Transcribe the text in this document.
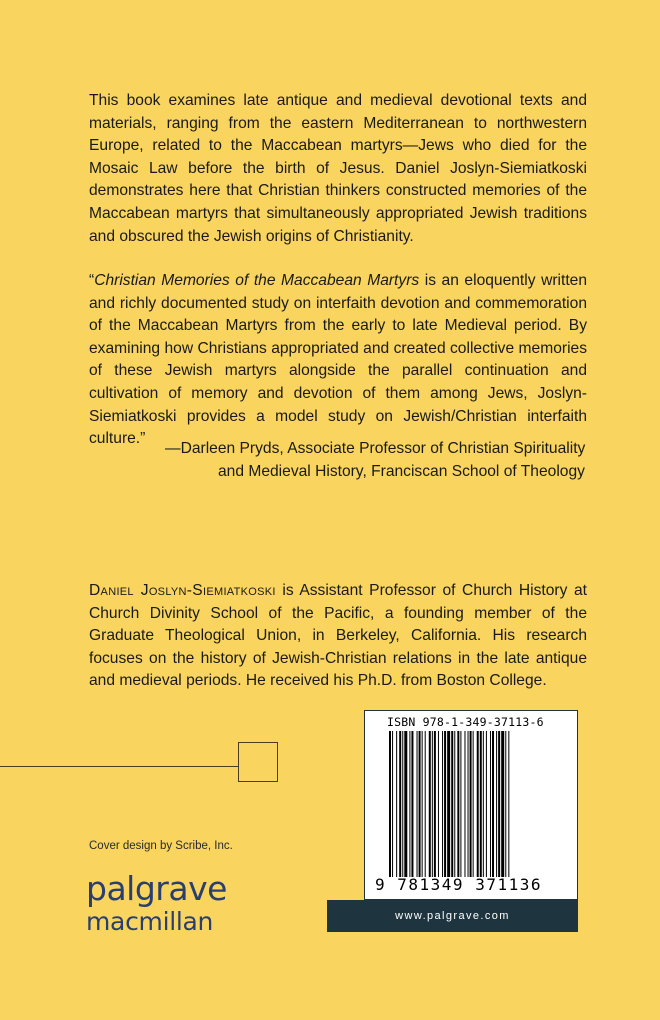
This book examines late antique and medieval devotional texts and materials, ranging from the eastern Mediterranean to northwestern Europe, related to the Maccabean martyrs—Jews who died for the Mosaic Law before the birth of Jesus. Daniel Joslyn-Siemiatkoski demonstrates here that Christian thinkers constructed memories of the Maccabean martyrs that simultaneously appropriated Jewish traditions and obscured the Jewish origins of Christianity.

“Christian Memories of the Maccabean Martyrs is an eloquently written and richly documented study on interfaith devotion and commemoration of the Maccabean Martyrs from the early to late Medieval period. By examining how Christians appropriated and created collective memories of these Jewish martyrs alongside the parallel continuation and cultivation of memory and devotion of them among Jews, Joslyn-Siemiatkoski provides a model study on Jewish/Christian interfaith culture.”

—Darleen Pryds, Associate Professor of Christian Spirituality
and Medieval History, Franciscan School of Theology

Daniel Joslyn-Siemiatkoski is Assistant Professor of Church History at Church Divinity School of the Pacific, a founding member of the Graduate Theological Union, in Berkeley, California. His research focuses on the history of Jewish-Christian relations in the late antique and medieval periods. He received his Ph.D. from Boston College.

Cover design by Scribe, Inc.
palgrave
macmillan
ISBN 978-1-349-37113-6
9 781349 371136
www.palgrave.com
